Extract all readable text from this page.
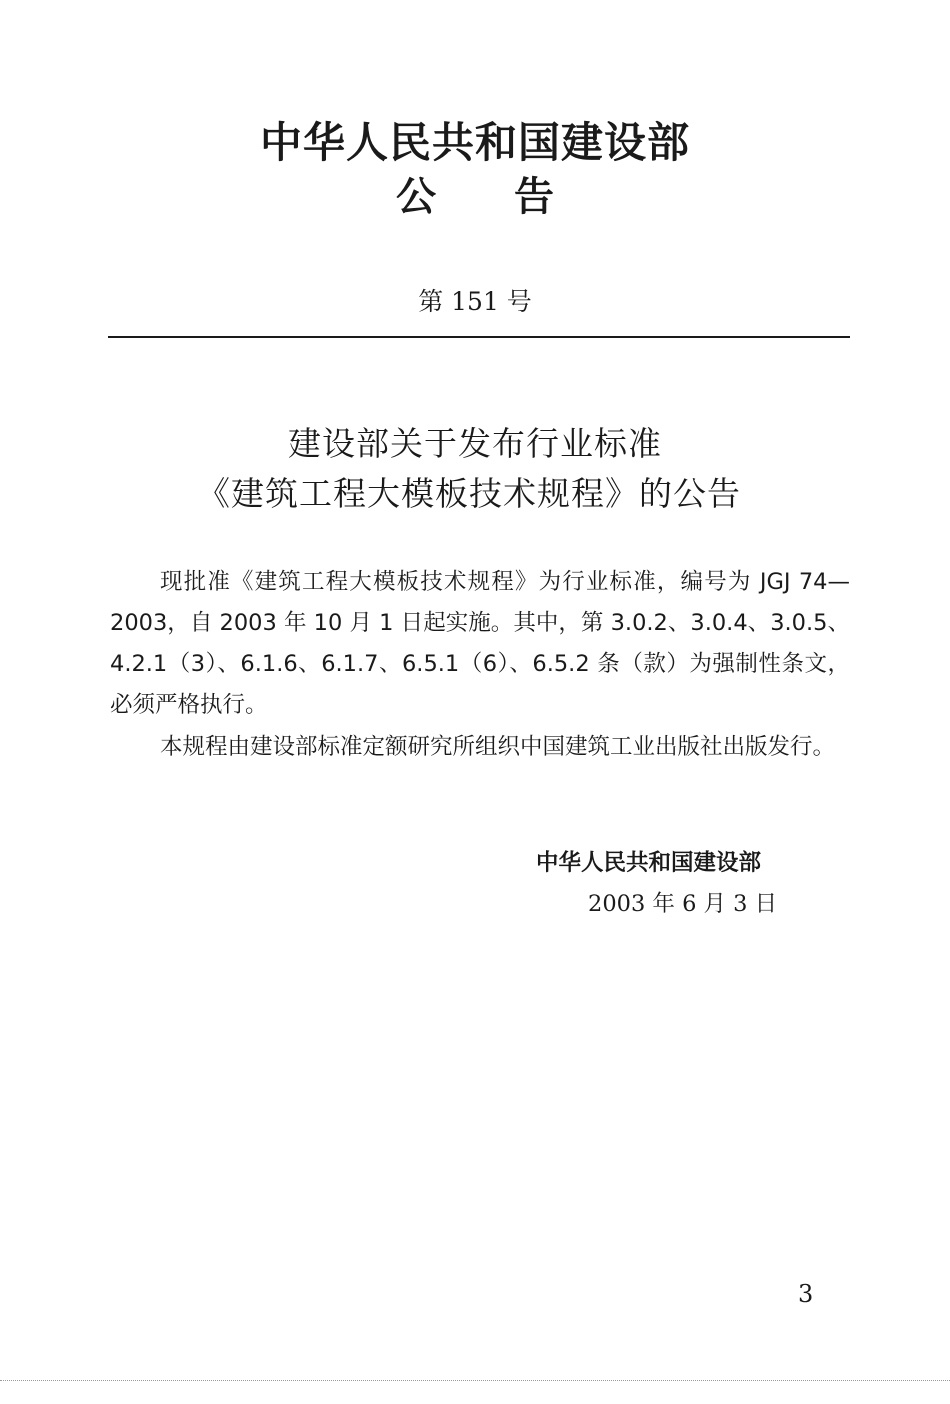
中华人民共和国建设部
公告
第 151 号
建设部关于发布行业标准
《建筑工程大模板技术规程》的公告
现批准《建筑工程大模板技术规程》为行业标准，编号为 JGJ 74—2003，自 2003 年 10 月 1 日起实施。其中，第 3.0.2、3.0.4、3.0.5、4.2.1（3）、6.1.6、6.1.7、6.5.1（6）、6.5.2 条（款）为强制性条文，必须严格执行。
本规程由建设部标准定额研究所组织中国建筑工业出版社出版发行。
中华人民共和国建设部
2003 年 6 月 3 日
3
